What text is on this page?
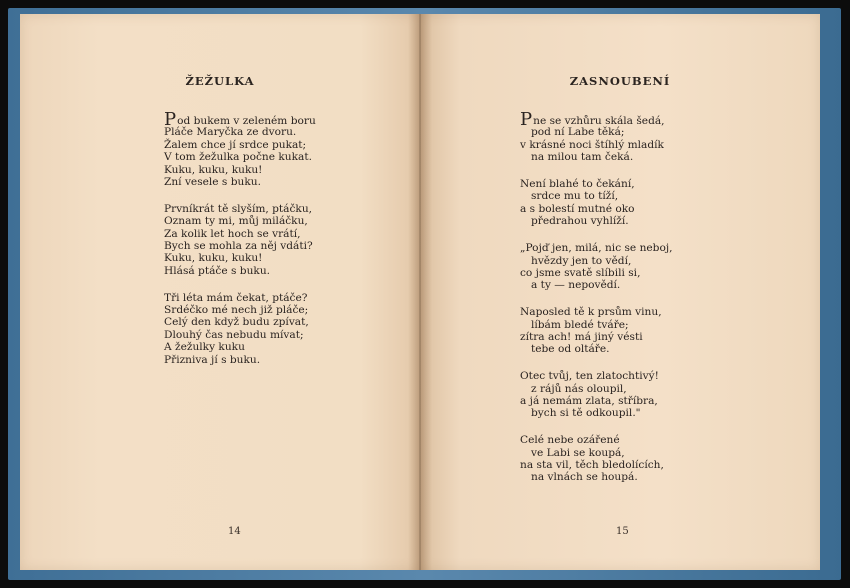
ŽEŽULKA
Pod bukem v zeleném boru
Pláče Maryčka ze dvoru.
Žalem chce jí srdce pukat;
V tom žežulka počne kukat.
Kuku, kuku, kuku!
Zní vesele s buku.
Prvníkrát tě slyším, ptáčku,
Oznam ty mi, můj miláčku,
Za kolik let hoch se vrátí,
Bych se mohla za něj vdáti?
Kuku, kuku, kuku!
Hlásá ptáče s buku.
Tři léta mám čekat, ptáče?
Srdéčko mé nech již pláče;
Celý den když budu zpívat,
Dlouhý čas nebudu mívat;
A žežulky kuku
Přizniva jí s buku.
14
ZASNOUBENÍ
Pne se vzhůru skála šedá,
pod ní Labe těká;
v krásné noci štíhlý mladík
na milou tam čeká.
Není blahé to čekání,
srdce mu to tíží,
a s bolestí mutné oko
předrahou vyhlíží.
„Pojď jen, milá, nic se neboj,
hvězdy jen to vědí,
co jsme svatě slíbili si,
a ty — nepovědí.
Naposled tě k prsům vinu,
líbám bledé tváře;
zítra ach! má jiný vésti
tebe od oltáře.
Otec tvůj, ten zlatochtivý!
z rájů nás oloupil,
a já nemám zlata, stříbra,
bych si tě odkoupil."
Celé nebe ozářené
ve Labi se koupá,
na sta vil, těch bledolících,
na vlnách se houpá.
15
